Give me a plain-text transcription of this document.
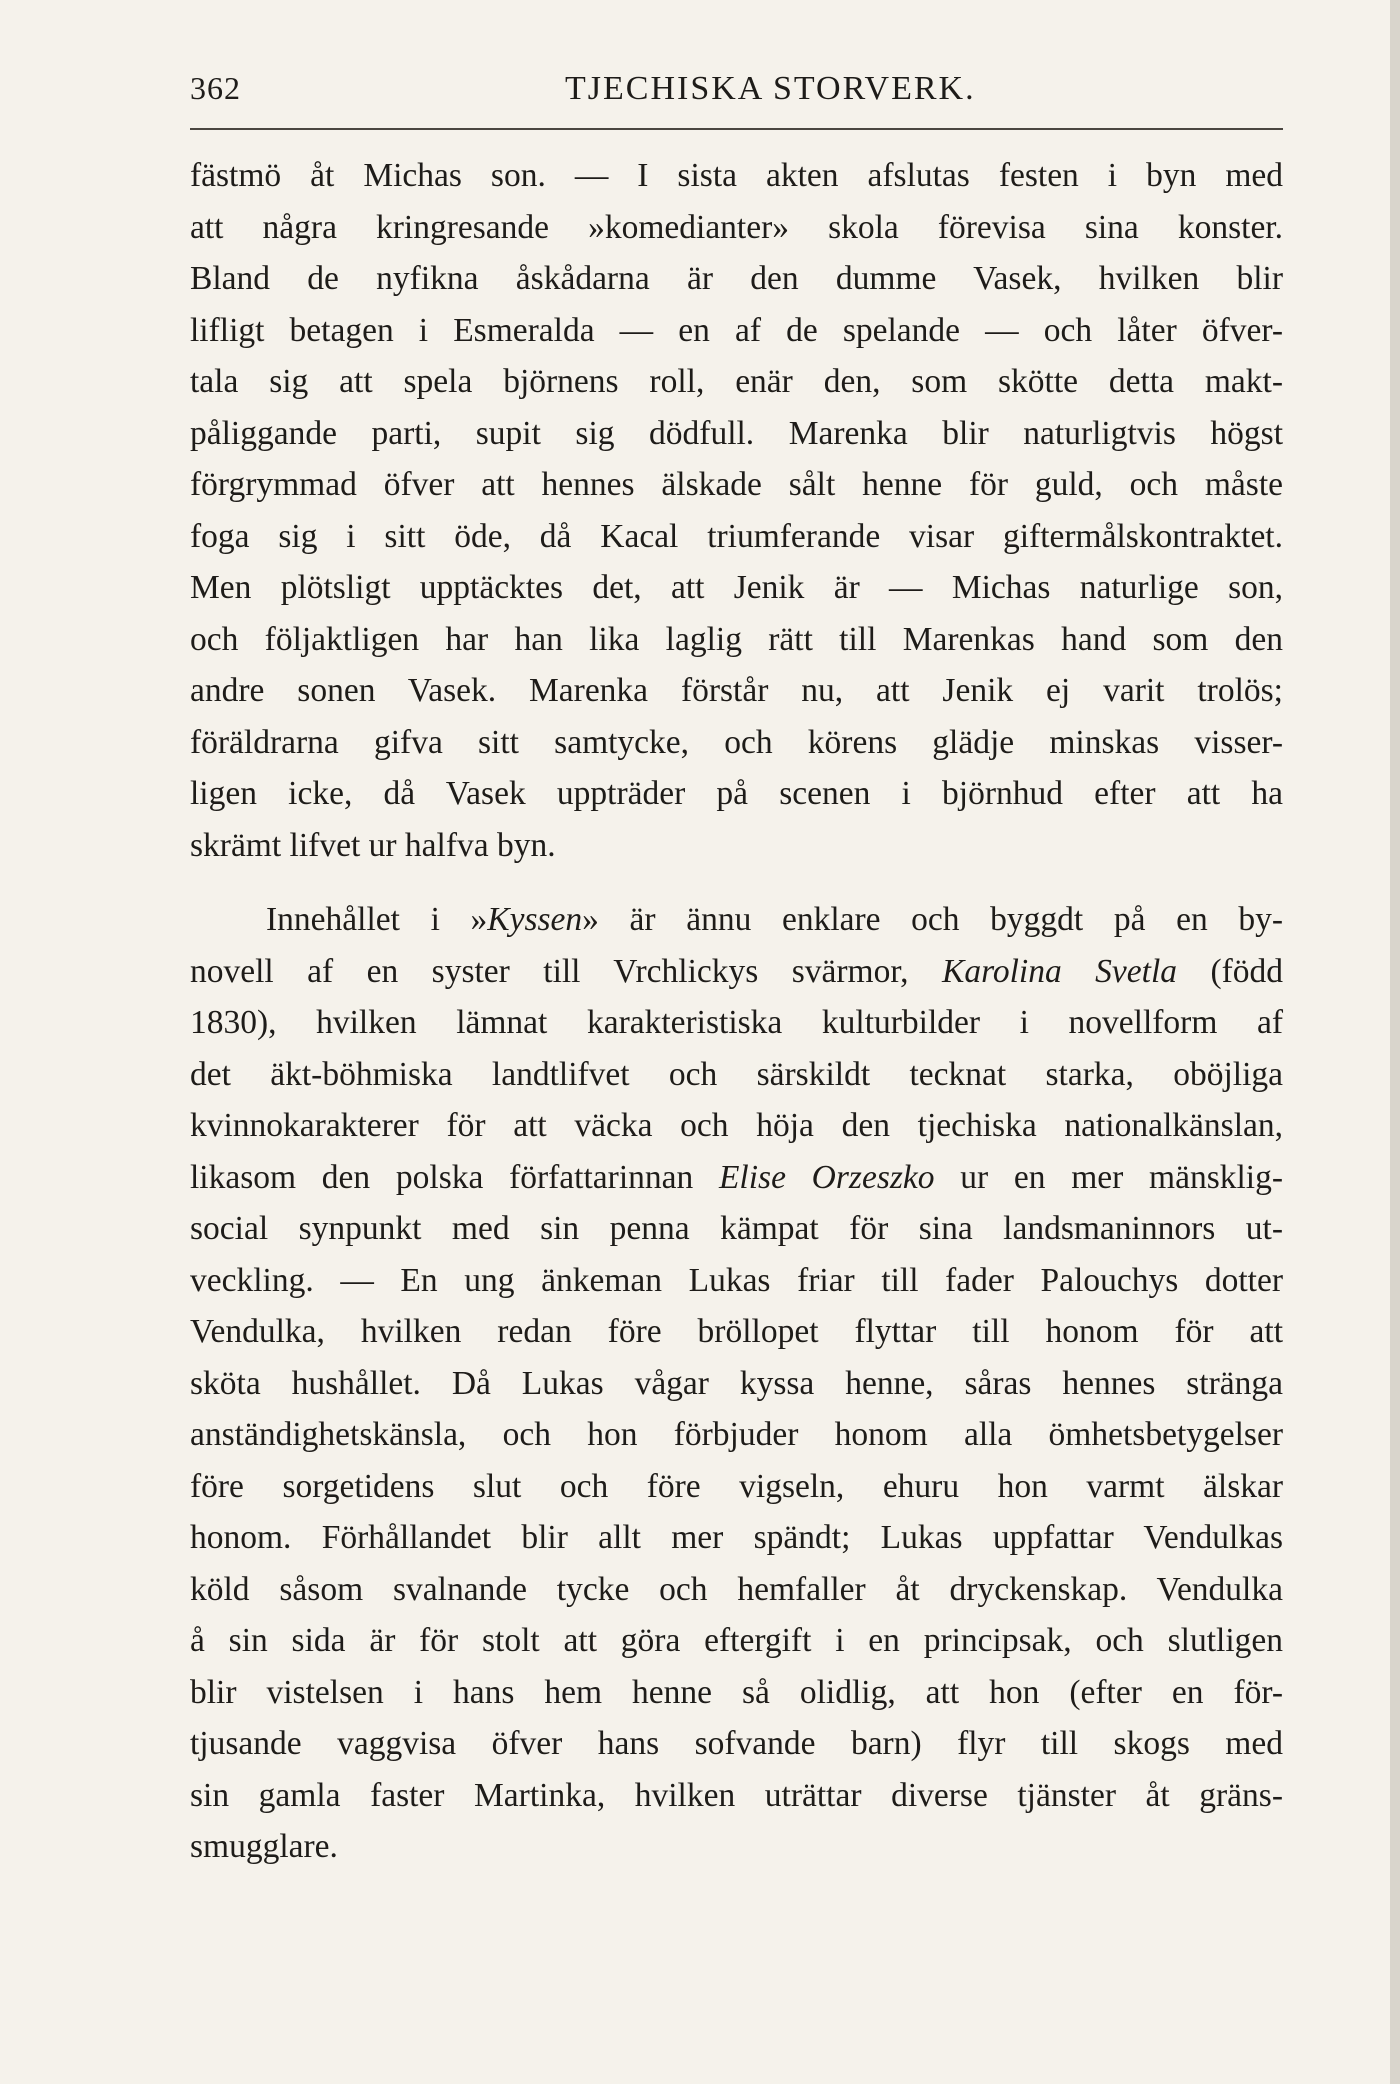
362	TJECHISKA STORVERK.
fästmö åt Michas son. — I sista akten afslutas festen i byn med
att några kringresande »komedianter» skola förevisa sina konster.
Bland de nyfikna åskådarna är den dumme Vasek, hvilken blir
lifligt betagen i Esmeralda — en af de spelande — och låter öfver-
tala sig att spela björnens roll, enär den, som skötte detta makt-
påliggande parti, supit sig dödfull. Marenka blir naturligtvis högst
förgrymmad öfver att hennes älskade sålt henne för guld, och måste
foga sig i sitt öde, då Kacal triumferande visar giftermålskontraktet.
Men plötsligt upptäcktes det, att Jenik är — Michas naturlige son,
och följaktligen har han lika laglig rätt till Marenkas hand som den
andre sonen Vasek. Marenka förstår nu, att Jenik ej varit trolös;
föräldrarna gifva sitt samtycke, och körens glädje minskas visser-
ligen icke, då Vasek uppträder på scenen i björnhud efter att ha
skrämt lifvet ur halfva byn.
Innehållet i »Kyssen» är ännu enklare och byggdt på en by-
novell af en syster till Vrchlickys svärmor, Karolina Svetla (född
1830), hvilken lämnat karakteristiska kulturbilder i novellform af
det äkt-böhmiska landtlifvet och särskildt tecknat starka, oböjliga
kvinnokarakterer för att väcka och höja den tjechiska nationalkänslan,
likasom den polska författarinnan Elise Orzeszko ur en mer mänsklig-
social synpunkt med sin penna kämpat för sina landsmaninnors ut-
veckling. — En ung änkeman Lukas friar till fader Palouchys dotter
Vendulka, hvilken redan före bröllopet flyttar till honom för att
sköta hushållet. Då Lukas vågar kyssa henne, såras hennes stränga
anständighetskänsla, och hon förbjuder honom alla ömhetsbetygelser
före sorgetidens slut och före vigseln, ehuru hon varmt älskar
honom. Förhållandet blir allt mer spändt; Lukas uppfattar Vendulkas
köld såsom svalnande tycke och hemfaller åt dryckenskap. Vendulka
å sin sida är för stolt att göra eftergift i en principsak, och slutligen
blir vistelsen i hans hem henne så olidlig, att hon (efter en för-
tjusande vaggvisa öfver hans sofvande barn) flyr till skogs med
sin gamla faster Martinka, hvilken uträttar diverse tjänster åt gräns-
smugglare.
